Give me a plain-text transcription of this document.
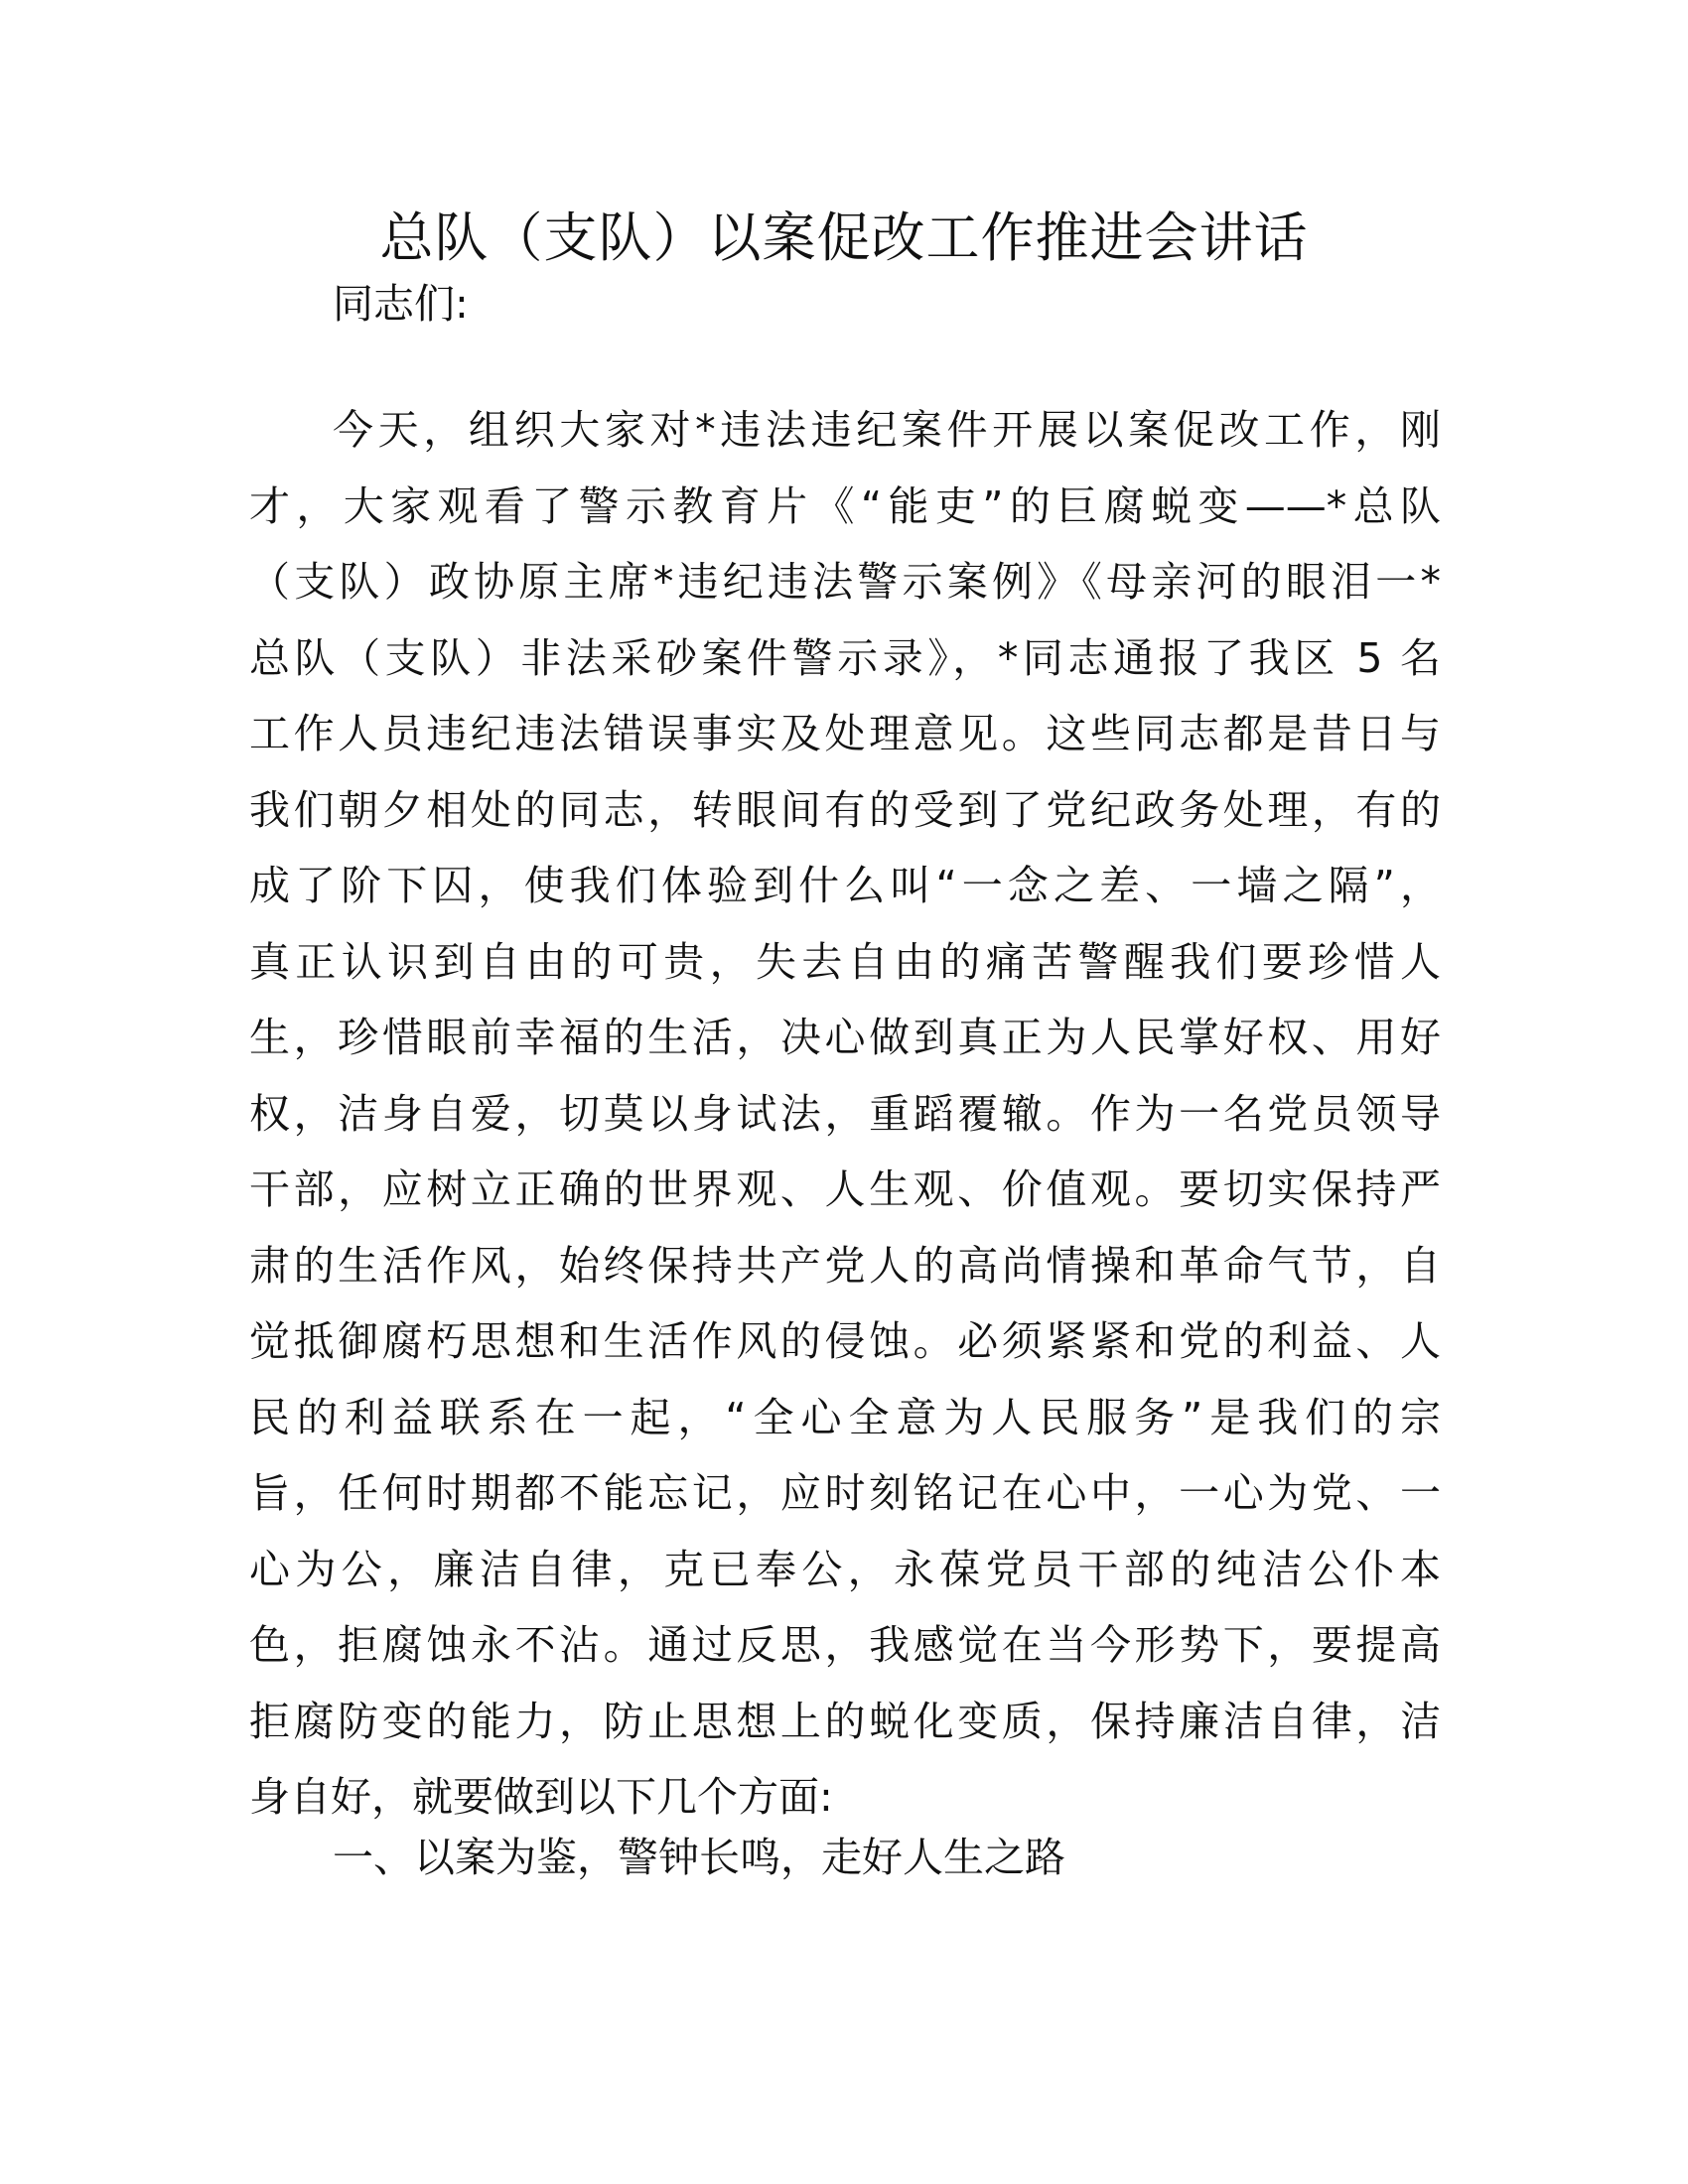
总队（支队）以案促改工作推进会讲话

同志们:

今天，组织大家对*违法违纪案件开展以案促改工作，刚
才，大家观看了警示教育片《“能吏”的巨腐蜕变——*总队
（支队）政协原主席*违纪违法警示案例》《母亲河的眼泪一*
总队（支队）非法采砂案件警示录》，*同志通报了我区 5 名
工作人员违纪违法错误事实及处理意见。这些同志都是昔日与
我们朝夕相处的同志，转眼间有的受到了党纪政务处理，有的
成了阶下囚，使我们体验到什么叫“一念之差、一墙之隔”，
真正认识到自由的可贵，失去自由的痛苦警醒我们要珍惜人
生，珍惜眼前幸福的生活，决心做到真正为人民掌好权、用好
权，洁身自爱，切莫以身试法，重蹈覆辙。作为一名党员领导
干部，应树立正确的世界观、人生观、价值观。要切实保持严
肃的生活作风，始终保持共产党人的高尚情操和革命气节，自
觉抵御腐朽思想和生活作风的侵蚀。必须紧紧和党的利益、人
民的利益联系在一起，“全心全意为人民服务”是我们的宗
旨，任何时期都不能忘记，应时刻铭记在心中，一心为党、一
心为公，廉洁自律，克已奉公，永葆党员干部的纯洁公仆本
色，拒腐蚀永不沾。通过反思，我感觉在当今形势下，要提高
拒腐防变的能力，防止思想上的蜕化变质，保持廉洁自律，洁
身自好，就要做到以下几个方面:

一、以案为鉴，警钟长鸣，走好人生之路
